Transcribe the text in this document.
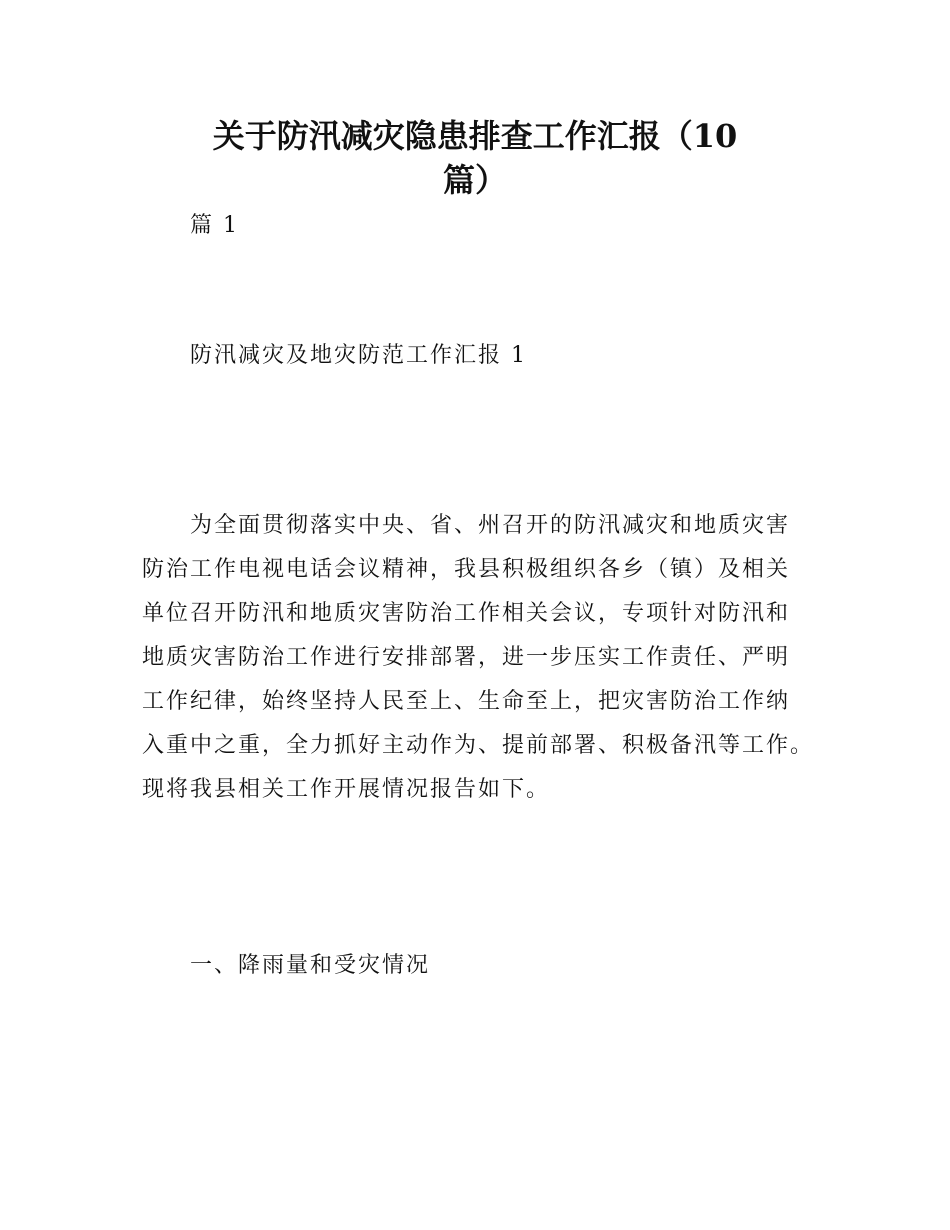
关于防汛减灾隐患排查工作汇报（10
篇）
篇 1
防汛减灾及地灾防范工作汇报 1
为全面贯彻落实中央、省、州召开的防汛减灾和地质灾害
防治工作电视电话会议精神，我县积极组织各乡（镇）及相关
单位召开防汛和地质灾害防治工作相关会议，专项针对防汛和
地质灾害防治工作进行安排部署，进一步压实工作责任、严明
工作纪律，始终坚持人民至上、生命至上，把灾害防治工作纳
入重中之重，全力抓好主动作为、提前部署、积极备汛等工作。
现将我县相关工作开展情况报告如下。
一、降雨量和受灾情况
